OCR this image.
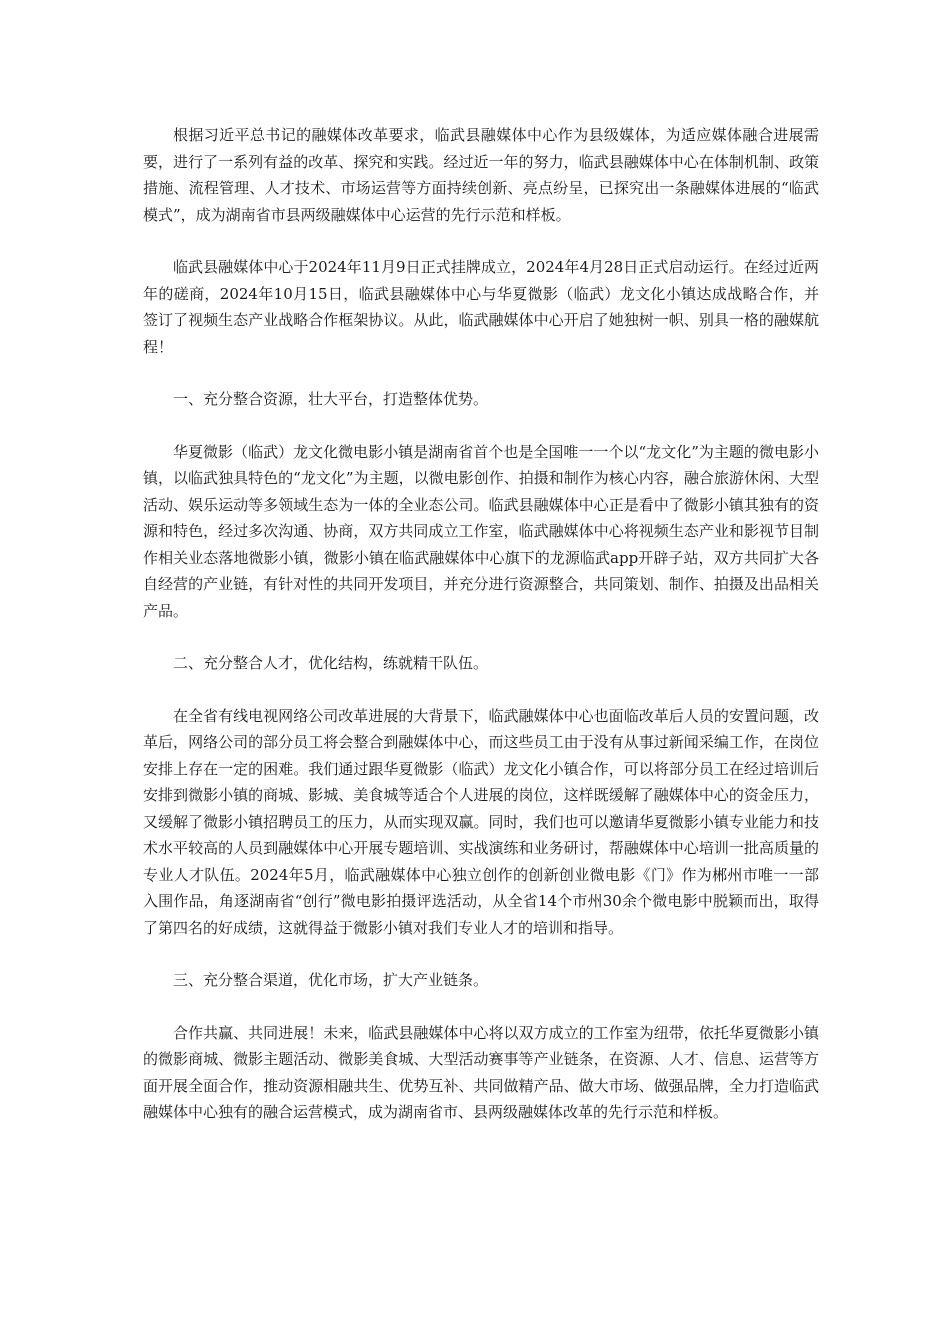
根据习近平总书记的融媒体改革要求，临武县融媒体中心作为县级媒体，为适应媒体融合进展需要，进行了一系列有益的改革、探究和实践。经过近一年的努力，临武县融媒体中心在体制机制、政策措施、流程管理、人才技术、市场运营等方面持续创新、亮点纷呈，已探究出一条融媒体进展的“临武模式”，成为湖南省市县两级融媒体中心运营的先行示范和样板。

临武县融媒体中心于2024年11月9日正式挂牌成立，2024年4月28日正式启动运行。在经过近两年的磋商，2024年10月15日，临武县融媒体中心与华夏微影（临武）龙文化小镇达成战略合作，并签订了视频生态产业战略合作框架协议。从此，临武融媒体中心开启了她独树一帜、别具一格的融媒航程！

一、充分整合资源，壮大平台，打造整体优势。

华夏微影（临武）龙文化微电影小镇是湖南省首个也是全国唯一一个以“龙文化”为主题的微电影小镇，以临武独具特色的“龙文化”为主题，以微电影创作、拍摄和制作为核心内容，融合旅游休闲、大型活动、娱乐运动等多领域生态为一体的全业态公司。临武县融媒体中心正是看中了微影小镇其独有的资源和特色，经过多次沟通、协商，双方共同成立工作室，临武融媒体中心将视频生态产业和影视节目制作相关业态落地微影小镇，微影小镇在临武融媒体中心旗下的龙源临武app开辟子站，双方共同扩大各自经营的产业链，有针对性的共同开发项目，并充分进行资源整合，共同策划、制作、拍摄及出品相关产品。

二、充分整合人才，优化结构，练就精干队伍。

在全省有线电视网络公司改革进展的大背景下，临武融媒体中心也面临改革后人员的安置问题，改革后，网络公司的部分员工将会整合到融媒体中心，而这些员工由于没有从事过新闻采编工作，在岗位安排上存在一定的困难。我们通过跟华夏微影（临武）龙文化小镇合作，可以将部分员工在经过培训后安排到微影小镇的商城、影城、美食城等适合个人进展的岗位，这样既缓解了融媒体中心的资金压力，又缓解了微影小镇招聘员工的压力，从而实现双赢。同时，我们也可以邀请华夏微影小镇专业能力和技术水平较高的人员到融媒体中心开展专题培训、实战演练和业务研讨，帮融媒体中心培训一批高质量的专业人才队伍。2024年5月，临武融媒体中心独立创作的创新创业微电影《门》作为郴州市唯一一部入围作品，角逐湖南省“创行”微电影拍摄评选活动，从全省14个市州30余个微电影中脱颖而出，取得了第四名的好成绩，这就得益于微影小镇对我们专业人才的培训和指导。

三、充分整合渠道，优化市场，扩大产业链条。

合作共赢、共同进展！未来，临武县融媒体中心将以双方成立的工作室为纽带，依托华夏微影小镇的微影商城、微影主题活动、微影美食城、大型活动赛事等产业链条，在资源、人才、信息、运营等方面开展全面合作，推动资源相融共生、优势互补、共同做精产品、做大市场、做强品牌，全力打造临武融媒体中心独有的融合运营模式，成为湖南省市、县两级融媒体改革的先行示范和样板。
